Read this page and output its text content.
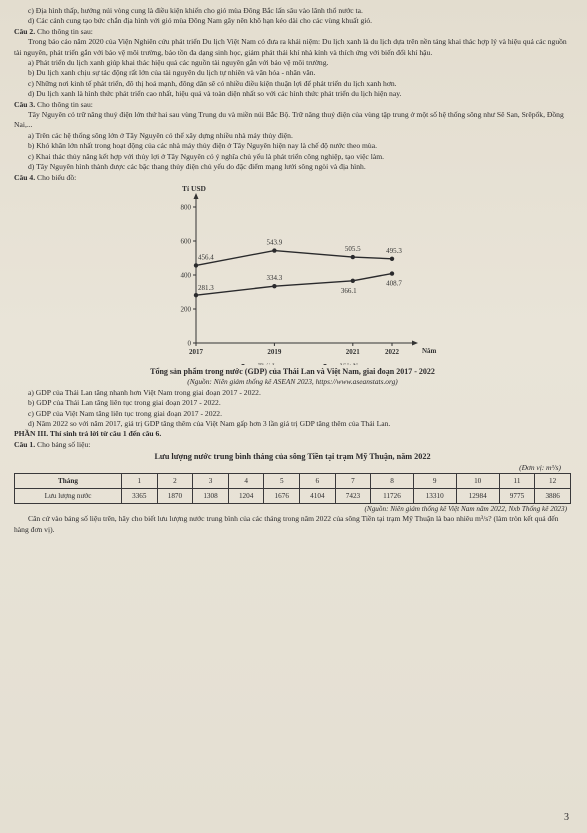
c) Địa hình thấp, hướng núi vòng cung là điều kiện khiến cho gió mùa Đông Bắc lấn sâu vào lãnh thổ nước ta.

d) Các cánh cung tạo bức chắn địa hình với gió mùa Đông Nam gây nên khô hạn kéo dài cho các vùng khuất gió.

Câu 2. Cho thông tin sau:

Trong báo cáo năm 2020 của Viện Nghiên cứu phát triển Du lịch Việt Nam có đưa ra khái niệm: Du lịch xanh là du lịch dựa trên nền tảng khai thác hợp lý và hiệu quả các nguồn tài nguyên, phát triển gắn với bảo vệ môi trường, bảo tồn đa dạng sinh học, giảm phát thải khí nhà kính và thích ứng với biến đổi khí hậu.

a) Phát triển du lịch xanh giúp khai thác hiệu quả các nguồn tài nguyên gắn với bảo vệ môi trường.

b) Du lịch xanh chịu sự tác động rất lớn của tài nguyên du lịch tự nhiên và văn hóa - nhân văn.

c) Những nơi kinh tế phát triển, đô thị hoá mạnh, đông dân sẽ có nhiều điều kiện thuận lợi để phát triển du lịch xanh hơn.

d) Du lịch xanh là hình thức phát triển cao nhất, hiệu quả và toàn diện nhất so với các hình thức phát triển du lịch hiện nay.

Câu 3. Cho thông tin sau:

Tây Nguyên có trữ năng thuỷ điện lớn thứ hai sau vùng Trung du và miền núi Bắc Bộ. Trữ năng thuỷ điện của vùng tập trung ở một số hệ thống sông như Sê San, Srêpốk, Đồng Nai,...

a) Trên các hệ thống sông lớn ở Tây Nguyên có thể xây dựng nhiều nhà máy thủy điện.

b) Khó khăn lớn nhất trong hoạt động của các nhà máy thủy điện ở Tây Nguyên hiện nay là chế độ nước theo mùa.

c) Khai thác thủy năng kết hợp với thủy lợi ở Tây Nguyên có ý nghĩa chủ yếu là phát triển công nghiệp, tạo việc làm.

d) Tây Nguyên hình thành được các bậc thang thủy điện chủ yếu do đặc điểm mạng lưới sông ngòi và địa hình.

Câu 4. Cho biểu đồ:

Tỉ USD
Năm
0
200
400
600
800
2017	2019	2021	2022
456.4
543.9
505.5	495.3
281.3
334.3
366.1
408.7

Tổng sản phẩm trong nước (GDP) của Thái Lan và Việt Nam, giai đoạn 2017 - 2022

(Nguồn: Niên giám thống kê ASEAN 2023, https://www.aseanstats.org)

a) GDP của Thái Lan tăng nhanh hơn Việt Nam trong giai đoạn 2017 - 2022.

b) GDP của Thái Lan tăng liên tục trong giai đoạn 2017 - 2022.

c) GDP của Việt Nam tăng liên tục trong giai đoạn 2017 - 2022.

d) Năm 2022 so với năm 2017, giá trị GDP tăng thêm của Việt Nam gấp hơn 3 lần giá trị GDP tăng thêm của Thái Lan.

PHẦN III. Thí sinh trả lời từ câu 1 đến câu 6.

Câu 1. Cho bảng số liệu:

Lưu lượng nước trung bình tháng của sông Tiền tại trạm Mỹ Thuận, năm 2022

(Đơn vị: m³/s)

Tháng	1	2	3	4	5	6	7	8	9	10	11	12
Lưu lượng nước	3365	1870	1308	1204	1676	4104	7423	11726	13310	12984	9775	3886

(Nguồn: Niên giám thống kê Việt Nam năm 2022, Nxb Thống kê 2023)

Căn cứ vào bảng số liệu trên, hãy cho biết lưu lượng nước trung bình của các tháng trong năm 2022 của sông Tiền tại trạm Mỹ Thuận là bao nhiêu m³/s? (làm tròn kết quả đến hàng đơn vị).

3
